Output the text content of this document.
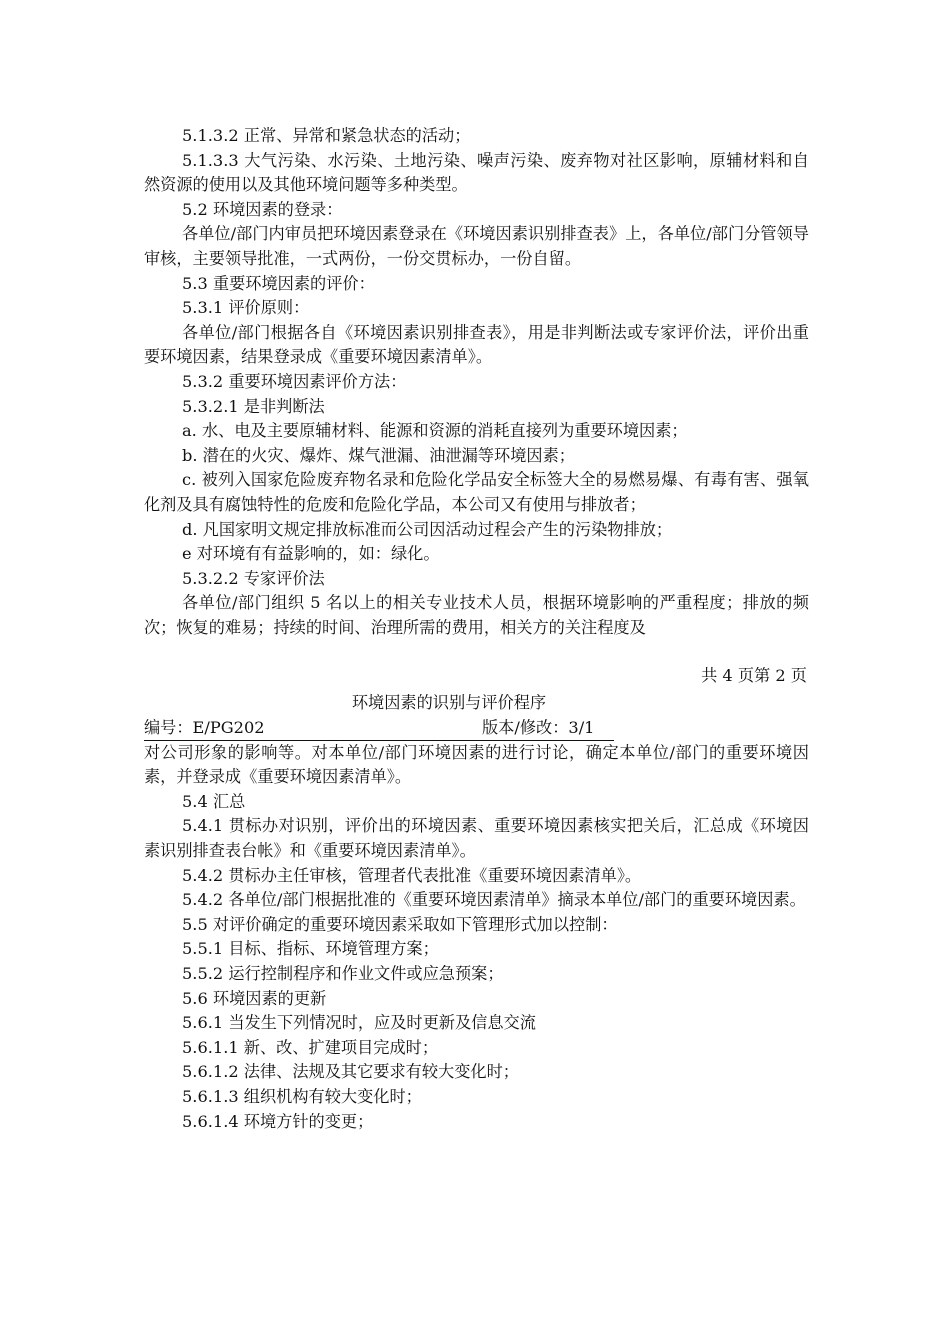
5.1.3.2 正常、异常和紧急状态的活动；

5.1.3.3 大气污染、水污染、土地污染、噪声污染、废弃物对社区影响，原辅材料和自然资源的使用以及其他环境问题等多种类型。

5.2 环境因素的登录：

各单位/部门内审员把环境因素登录在《环境因素识别排查表》上，各单位/部门分管领导审核，主要领导批准，一式两份，一份交贯标办，一份自留。

5.3 重要环境因素的评价：

5.3.1 评价原则：

各单位/部门根据各自《环境因素识别排查表》，用是非判断法或专家评价法，评价出重要环境因素，结果登录成《重要环境因素清单》。

5.3.2 重要环境因素评价方法：

5.3.2.1 是非判断法

a. 水、电及主要原辅材料、能源和资源的消耗直接列为重要环境因素；

b. 潜在的火灾、爆炸、煤气泄漏、油泄漏等环境因素；

c. 被列入国家危险废弃物名录和危险化学品安全标签大全的易燃易爆、有毒有害、强氧化剂及具有腐蚀特性的危废和危险化学品，本公司又有使用与排放者；

d. 凡国家明文规定排放标准而公司因活动过程会产生的污染物排放；

e 对环境有有益影响的，如：绿化。

5.3.2.2 专家评价法

各单位/部门组织 5 名以上的相关专业技术人员，根据环境影响的严重程度；排放的频次；恢复的难易；持续的时间、治理所需的费用，相关方的关注程度及

共 4 页第 2 页
环境因素的识别与评价程序
编号：E/PG202	版本/修改：3/1

对公司形象的影响等。对本单位/部门环境因素的进行讨论，确定本单位/部门的重要环境因素，并登录成《重要环境因素清单》。

5.4 汇总

5.4.1 贯标办对识别，评价出的环境因素、重要环境因素核实把关后，汇总成《环境因素识别排查表台帐》和《重要环境因素清单》。

5.4.2 贯标办主任审核，管理者代表批准《重要环境因素清单》。

5.4.2 各单位/部门根据批准的《重要环境因素清单》摘录本单位/部门的重要环境因素。

5.5 对评价确定的重要环境因素采取如下管理形式加以控制：

5.5.1 目标、指标、环境管理方案；

5.5.2 运行控制程序和作业文件或应急预案；

5.6 环境因素的更新

5.6.1 当发生下列情况时，应及时更新及信息交流

5.6.1.1 新、改、扩建项目完成时；

5.6.1.2 法律、法规及其它要求有较大变化时；

5.6.1.3 组织机构有较大变化时；

5.6.1.4 环境方针的变更；
